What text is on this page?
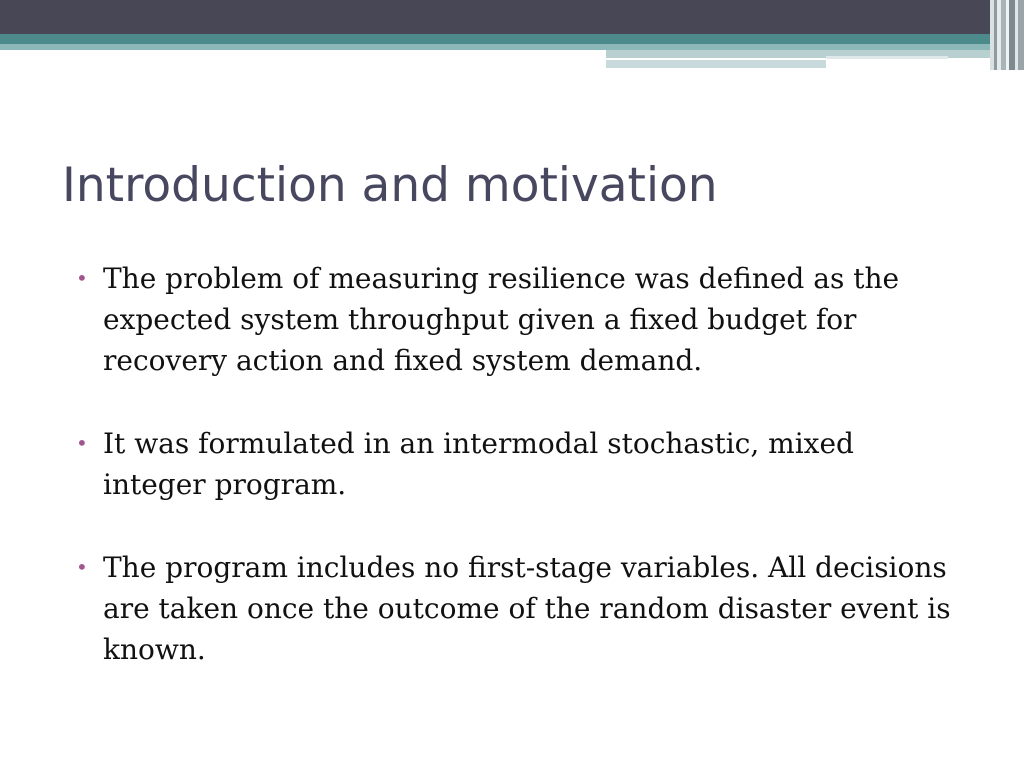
Introduction and motivation
• The problem of measuring resilience was defined as the expected system throughput given a fixed budget for recovery action and fixed system demand.
• It was formulated in an intermodal stochastic, mixed integer program.
• The program includes no first-stage variables. All decisions are taken once the outcome of the random disaster event is known.
